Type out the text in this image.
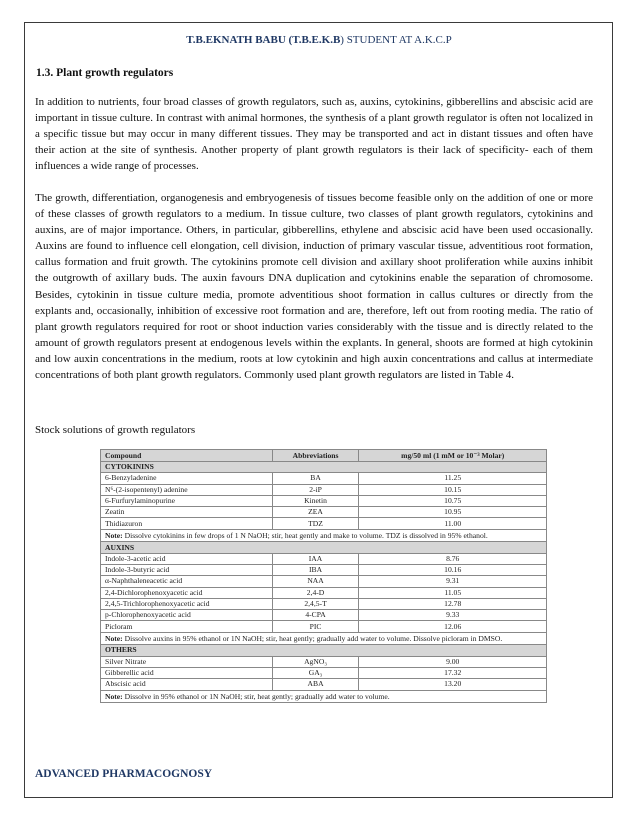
T.B.EKNATH BABU (T.B.E.K.B) STUDENT AT A.K.C.P
1.3. Plant growth regulators

In addition to nutrients, four broad classes of growth regulators, such as, auxins, cytokinins, gibberellins and abscisic acid are important in tissue culture. In contrast with animal hormones, the synthesis of a plant growth regulator is often not localized in a specific tissue but may occur in many different tissues. They may be transported and act in distant tissues and often have their action at the site of synthesis. Another property of plant growth regulators is their lack of specificity- each of them influences a wide range of processes.

The growth, differentiation, organogenesis and embryogenesis of tissues become feasible only on the addition of one or more of these classes of growth regulators to a medium. In tissue culture, two classes of plant growth regulators, cytokinins and auxins, are of major importance. Others, in particular, gibberellins, ethylene and abscisic acid have been used occasionally. Auxins are found to influence cell elongation, cell division, induction of primary vascular tissue, adventitious root formation, callus formation and fruit growth. The cytokinins promote cell division and axillary shoot proliferation while auxins inhibit the outgrowth of axillary buds. The auxin favours DNA duplication and cytokinins enable the separation of chromosome. Besides, cytokinin in tissue culture media, promote adventitious shoot formation in callus cultures or directly from the explants and, occasionally, inhibition of excessive root formation and are, therefore, left out from rooting media. The ratio of plant growth regulators required for root or shoot induction varies considerably with the tissue and is directly related to the amount of growth regulators present at endogenous levels within the explants. In general, shoots are formed at high cytokinin and low auxin concentrations in the medium, roots at low cytokinin and high auxin concentrations and callus at intermediate concentrations of both plant growth regulators. Commonly used plant growth regulators are listed in Table 4.

Stock solutions of growth regulators
Compound	Abbreviations	mg/50 ml (1 mM or 10⁻³ Molar)
CYTOKININS		
6-Benzyladenine	BA	11.25
N⁶-(2-isopentenyl) adenine	2-iP	10.15
6-Furfurylaminopurine	Kinetin	10.75
Zeatin	ZEA	10.95
Thidiazuron	TDZ	11.00
Note: Dissolve cytokinins in few drops of 1 N NaOH; stir, heat gently and make to volume. TDZ is dissolved in 95% ethanol.		
AUXINS		
Indole-3-acetic acid	IAA	8.76
Indole-3-butyric acid	IBA	10.16
α-Naphthaleneacetic acid	NAA	9.31
2,4-Dichlorophenoxyacetic acid	2,4-D	11.05
2,4,5-Trichlorophenoxyacetic acid	2,4,5-T	12.78
p-Chlorophenoxyacetic acid	4-CPA	9.33
Picloram	PIC	12.06
Note: Dissolve auxins in 95% ethanol or 1N NaOH; stir, heat gently; gradually add water to volume. Dissolve picloram in DMSO.		
OTHERS		
Silver Nitrate	AgNO₃	9.00
Gibberellic acid	GA₃	17.32
Abscisic acid	ABA	13.20
Note: Dissolve in 95% ethanol or 1N NaOH; stir, heat gently; gradually add water to volume.		
ADVANCED PHARMACOGNOSY
